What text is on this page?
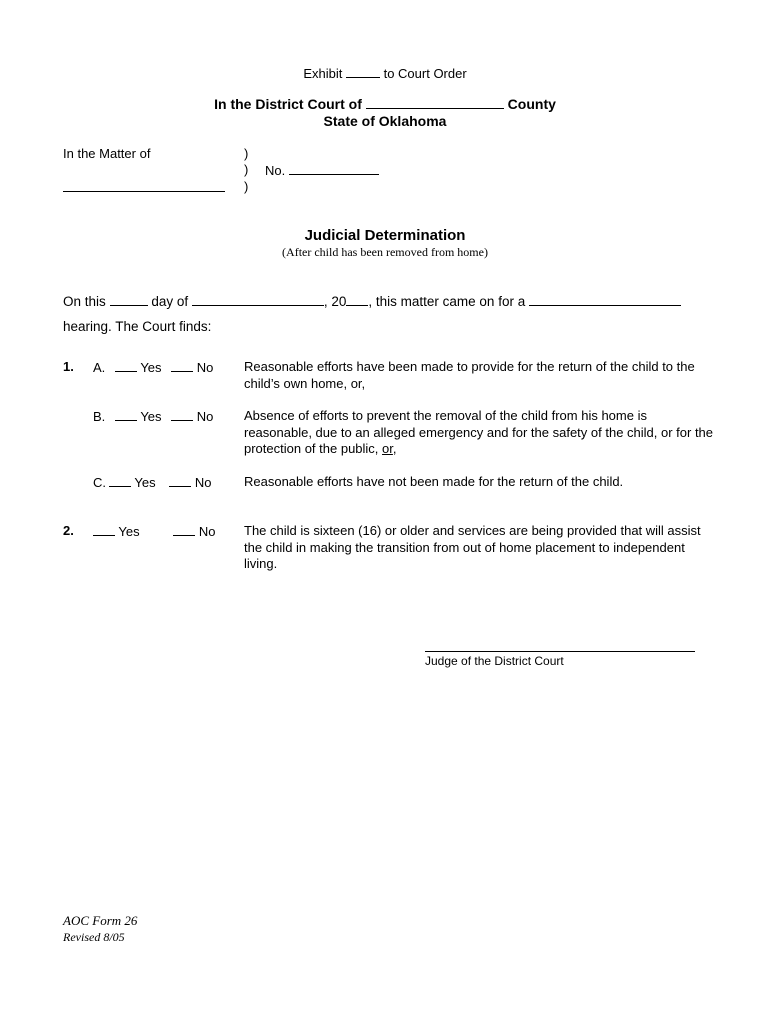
Exhibit	to Court Order
In the District Court of	County
State of Oklahoma
In the Matter of	)
)
)
No.
Judicial Determination
(After child has been removed from home)
On this	day of	, 20 , this matter came on for a
hearing. The Court finds:
1. A.	Yes	No Reasonable efforts have been made to provide for the return of the child to the child’s own home, or,
B.	Yes	No Absence of efforts to prevent the removal of the child from his home is reasonable, due to an alleged emergency and for the safety of the child, or for the protection of the public, or,
C. Yes	No	Reasonable efforts have not been made for the return of the child.
2.	Yes	No The child is sixteen (16) or older and services are being provided that will assist the child in making the transition from out of home placement to independent living.
Judge of the District Court
AOC Form 26
Revised 8/05
